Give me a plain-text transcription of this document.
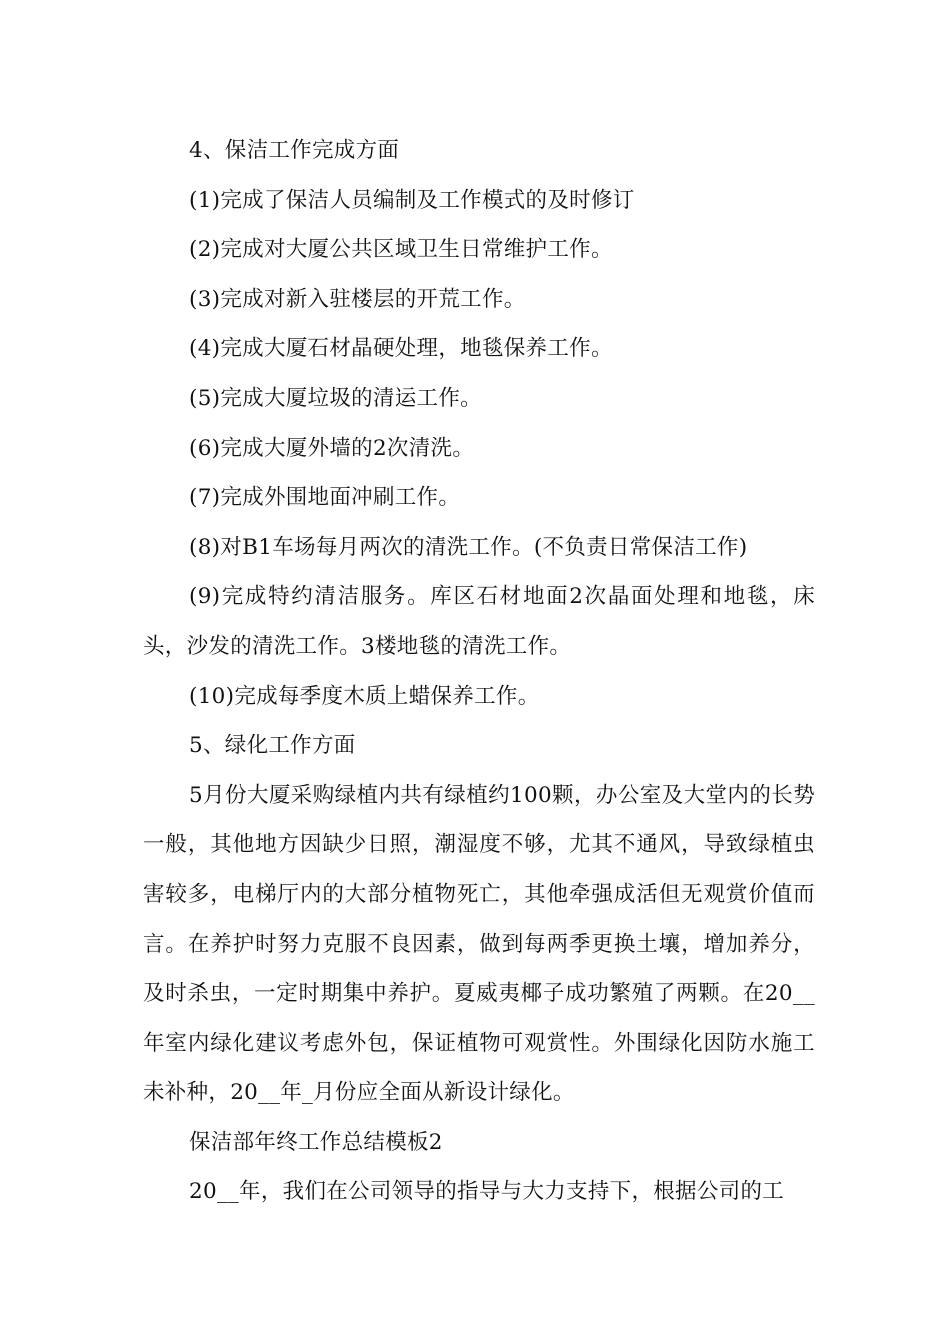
4、保洁工作完成方面

(1)完成了保洁人员编制及工作模式的及时修订

(2)完成对大厦公共区域卫生日常维护工作。

(3)完成对新入驻楼层的开荒工作。

(4)完成大厦石材晶硬处理，地毯保养工作。

(5)完成大厦垃圾的清运工作。

(6)完成大厦外墙的2次清洗。

(7)完成外围地面冲刷工作。

(8)对B1车场每月两次的清洗工作。(不负责日常保洁工作)

(9)完成特约清洁服务。库区石材地面2次晶面处理和地毯，床头，沙发的清洗工作。3楼地毯的清洗工作。

(10)完成每季度木质上蜡保养工作。

5、绿化工作方面

5月份大厦采购绿植内共有绿植约100颗，办公室及大堂内的长势一般，其他地方因缺少日照，潮湿度不够，尤其不通风，导致绿植虫害较多，电梯厅内的大部分植物死亡，其他牵强成活但无观赏价值而言。在养护时努力克服不良因素，做到每两季更换土壤，增加养分，及时杀虫，一定时期集中养护。夏威夷椰子成功繁殖了两颗。在20__年室内绿化建议考虑外包，保证植物可观赏性。外围绿化因防水施工未补种，20__年_月份应全面从新设计绿化。

保洁部年终工作总结模板2

20__年，我们在公司领导的指导与大力支持下，根据公司的工
